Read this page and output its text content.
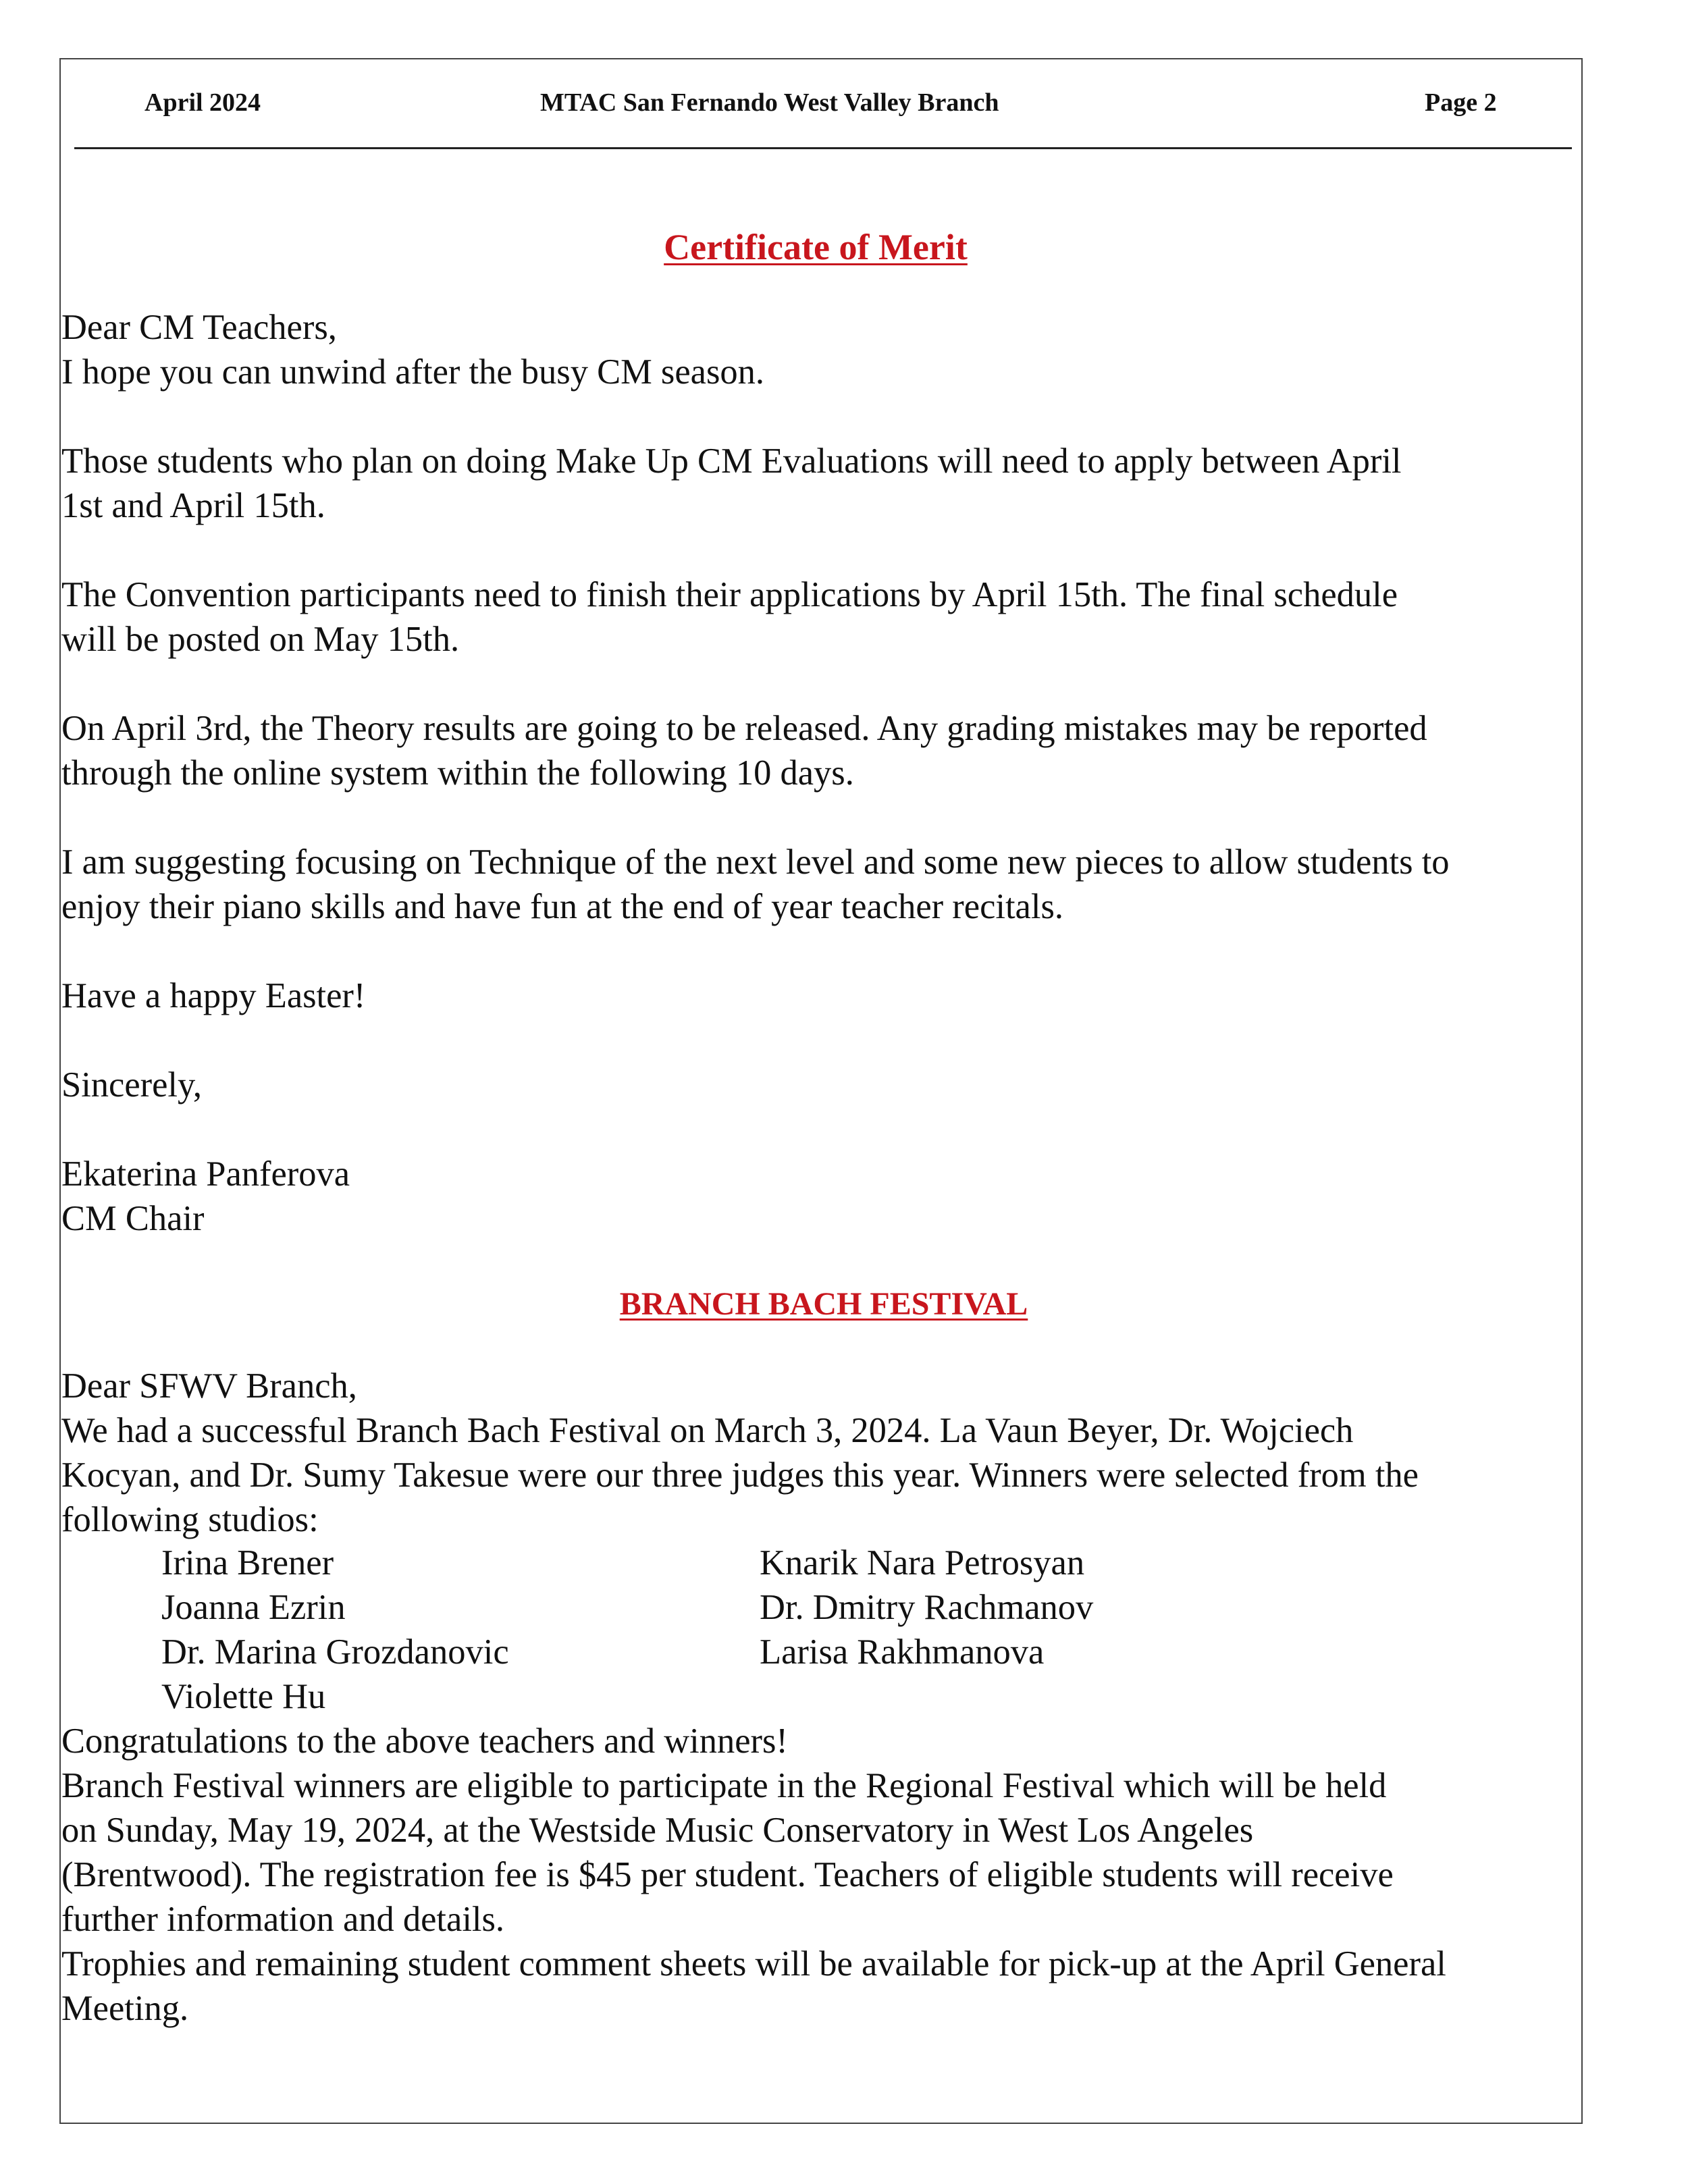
April 2024	MTAC San Fernando West Valley Branch	Page 2
Certificate of Merit

Dear CM Teachers,

I hope you can unwind after the busy CM season.

Those students who plan on doing Make Up CM Evaluations will need to apply between April

1st and April 15th.

The Convention participants need to finish their applications by April 15th. The final schedule

will be posted on May 15th.

On April 3rd, the Theory results are going to be released. Any grading mistakes may be reported

through the online system within the following 10 days.

I am suggesting focusing on Technique of the next level and some new pieces to allow students to

enjoy their piano skills and have fun at the end of year teacher recitals.

Have a happy Easter!
Sincerely,

Ekaterina Panferova

CM Chair

BRANCH BACH FESTIVAL

Dear SFWV Branch,

We had a successful Branch Bach Festival on March 3, 2024. La Vaun Beyer, Dr. Wojciech

Kocyan, and Dr. Sumy Takesue were our three judges this year. Winners were selected from the

following studios:

Irina Brener

Joanna Ezrin

Dr. Marina Grozdanovic

Violette Hu

Knarik Nara Petrosyan

Dr. Dmitry Rachmanov

Larisa Rakhmanova

Congratulations to the above teachers and winners!

Branch Festival winners are eligible to participate in the Regional Festival which will be held

on Sunday, May 19, 2024, at the Westside Music Conservatory in West Los Angeles

(Brentwood). The registration fee is $45 per student. Teachers of eligible students will receive

further information and details.

Trophies and remaining student comment sheets will be available for pick-up at the April General

Meeting.
